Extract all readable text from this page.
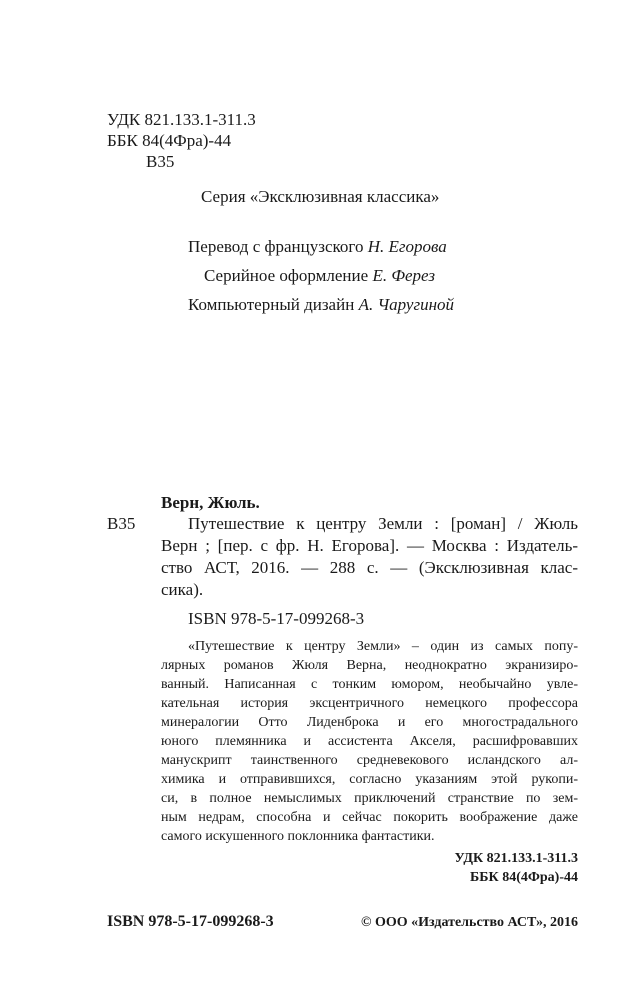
УДК 821.133.1-311.3
ББК 84(4Фра)-44
В35
Серия «Эксклюзивная классика»
Перевод с французского Н. Егорова
Серийное оформление Е. Ферез
Компьютерный дизайн А. Чаругиной
Верн, Жюль.
В35	Путешествие к центру Земли : [роман] / Жюль
Верн ; [пер. с фр. Н. Егорова]. — Москва : Издатель-
ство АСТ, 2016. — 288 с. — (Эксклюзивная клас-
сика).
ISBN 978-5-17-099268-3
«Путешествие к центру Земли» – один из самых попу-
лярных романов Жюля Верна, неоднократно экранизиро-
ванный. Написанная с тонким юмором, необычайно увле-
кательная история эксцентричного немецкого профессора
минералогии Отто Лиденброка и его многострадального
юного племянника и ассистента Акселя, расшифровавших
манускрипт таинственного средневекового исландского ал-
химика и отправившихся, согласно указаниям этой рукопи-
си, в полное немыслимых приключений странствие по зем-
ным недрам, способна и сейчас покорить воображение даже
самого искушенного поклонника фантастики.
УДК 821.133.1-311.3
ББК 84(4Фра)-44
ISBN 978-5-17-099268-3	© ООО «Издательство АСТ», 2016
